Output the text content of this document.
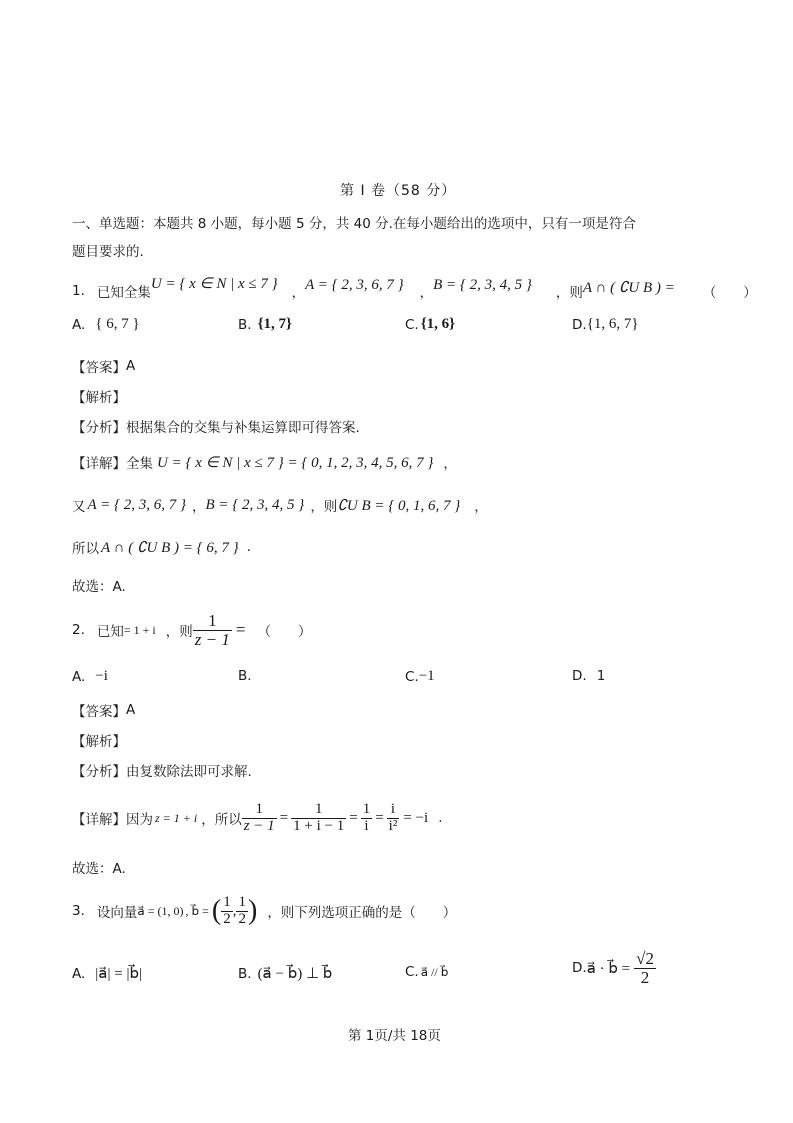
第 I 卷（58 分）
一、单选题：本题共 8 小题，每小题 5 分，共 40 分.在每小题给出的选项中，只有一项是符合
题目要求的.
1. 已知全集
U = { x ∈ N | x ≤ 7 }
，
A = { 2, 3, 6, 7 }
，
B = { 2, 3, 4, 5 }
，则 A ∩ ( ∁U B ) = （　　）
A. { 6, 7 }	B. {1, 7}	C. {1, 6}	D. {1, 6, 7}
【答案】 A
【解析】
【分析】 根据集合的交集与补集运算即可得答案.
【详解】 全集 U = { x ∈ N | x ≤ 7 } = { 0, 1, 2, 3, 4, 5, 6, 7 } ，
又 A = { 2, 3, 6, 7 } ， B = { 2, 3, 4, 5 } ，则 ∁U B = { 0, 1, 6, 7 } ，
所以 A ∩ ( ∁U B ) = { 6, 7 } .
故选：A.
2. 已知 = 1 + i ，则 $\frac{1}{z - 1}$ = （　　）
A. −i	B.	C. −1	D. 1
【答案】 A
【解析】
【分析】 由复数除法即可求解.
【详解】 因为 z = 1 + i ，所以 $\frac{1}{z - 1} = \frac{1}{1 + i - 1} = \frac{1}{i} = \frac{i}{\text{i²}} = -i$ .
故选：A.
3. 设向量 a⃗ = (1, 0) , b⃗ = ( $\frac{1}{2}$ , $\frac{1}{2}$ ) ，则下列选项正确的是（　　）
A. |a⃗| = |b⃗|	B. (a⃗ − b⃗) ⊥ b⃗	C. a⃗ // b⃗	D. a⃗ · b⃗ = $\frac{√2}{2}$
第 1页/共 18页
